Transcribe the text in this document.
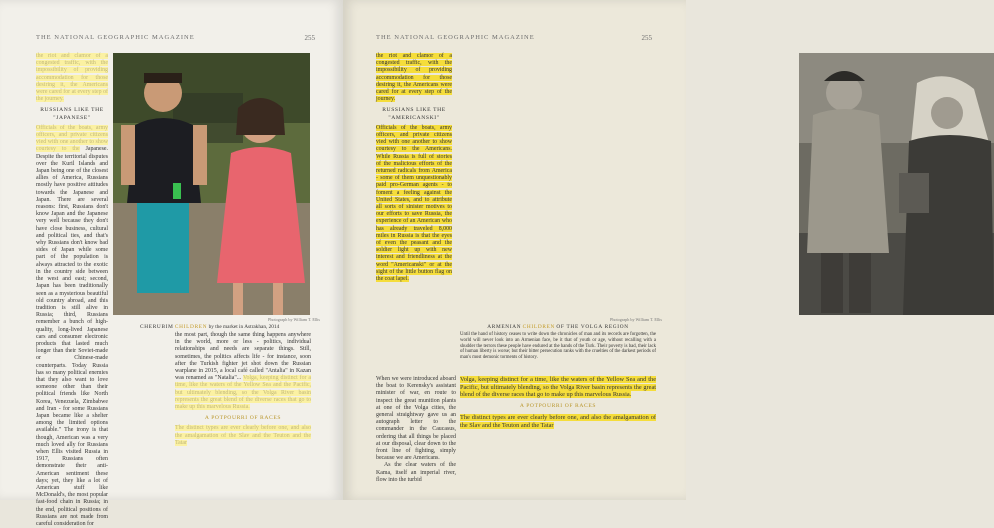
THE NATIONAL GEOGRAPHIC MAGAZINE	255
the riot and clamor of a congested traffic, with the impossibility of providing accommodation for those desiring it, the Americans were cared for at every step of the journey.
RUSSIANS LIKE THE "JAPANESE"
Officials of the boats, army officers, and private citizens vied with one another to show courtesy to the Japanese. Despite the territorial disputes over the Kuril Islands and Japan being one of the closest allies of America, Russians mostly have positive attitudes towards the Japanese and Japan. There are several reasons: first, Russians don't know Japan and the Japanese very well because they don't have close business, cultural and political ties, and that's why Russians don't know bad sides of Japan while some part of the population is always attracted to the exotic in the country side between the west and east; second, Japan has been traditionally seen as a mysterious beautiful old country abroad, and this tradition is still alive in Russia; third, Russians remember a bunch of high-quality, long-lived Japanese cars and consumer electronic products that lasted much longer than their Soviet-made or Chinese-made counterparts. Today Russia has so many political enemies that they also want to love someone other than their political friends like North Korea, Venezuela, Zimbabwe and Iran - for some Russians Japan became like a shelter among the limited options available." The irony is that though, American was a very much loved ally for Russians when Ellis visited Russia in 1917, Russians often demonstrate their anti-American sentiment these days; yet, they like a lot of American stuff like McDonald's, the most popular fast-food chain in Russia; in the end, political positions of Russians are not made from careful consideration for
Photograph by William T. Ellis
CHERUBIM CHILDREN by the market in Astrakhan, 2014
the most part, though the same thing happens anywhere in the world, more or less - politics, individual relationships and needs are separate things. Still, sometimes, the politics affects life - for instance, soon after the Turkish fighter jet shot down the Russian warplane in 2015, a local café called "Antalia" in Kazan was renamed as "Natalia"... Volga, keeping distinct for a time, like the waters of the Yellow Sea and the Pacific, but ultimately blending, so the Volga River basin represents the great blend of the diverse races that go to make up this marvelous Russia.
A POTPOURRI OF RACES
The distinct types are ever clearly before one, and also the amalgamation of the Slav and the Teuton and the Tatar
THE NATIONAL GEOGRAPHIC MAGAZINE	255
the riot and clamor of a congested traffic, with the impossibility of providing accommodation for those desiring it, the Americans were cared for at every step of the journey.
RUSSIANS LIKE THE "AMERICANSKI"
Officials of the boats, army officers, and private citizens vied with one another to show courtesy to the Americans. While Russia is full of stories of the malicious efforts of the returned radicals from America - some of them unquestionably paid pro-German agents - to foment a feeling against the United States, and to attribute all sorts of sinister motives to our efforts to save Russia, the experience of an American who has already traveled 8,000 miles in Russia is that the eyes of even the peasant and the soldier light up with new interest and friendliness at the word "Americanski" or at the sight of the little button flag on the coat lapel.
Photograph by William T. Ellis
ARMENIAN CHILDREN OF THE VOLGA REGION
Until the hand of history ceases to write down the chronicles of man and its records are forgotten, the world will never look into an Armenian face, be it that of youth or age, without recalling with a shudder the terrors these people have endured at the hands of the Turk. Their poverty is bad, their lack of human liberty is worse; but their bitter persecution ranks with the cruelties of the darkest periods of man's most demonic torments of history.
When we were introduced aboard the boat to Kerensky's assistant minister of war, en route to inspect the great munition plants at one of the Volga cities, the general straightway gave us an autograph letter to the commander in the Caucasus, ordering that all things be placed at our disposal, clear down to the front line of fighting, simply because we are Americans.
As the clear waters of the Kama, itself an imperial river, flow into the turbid
Volga, keeping distinct for a time, like the waters of the Yellow Sea and the Pacific, but ultimately blending, so the Volga River basin represents the great blend of the diverse races that go to make up this marvelous Russia.
A POTPOURRI OF RACES
The distinct types are ever clearly before one, and also the amalgamation of the Slav and the Teuton and the Tatar
